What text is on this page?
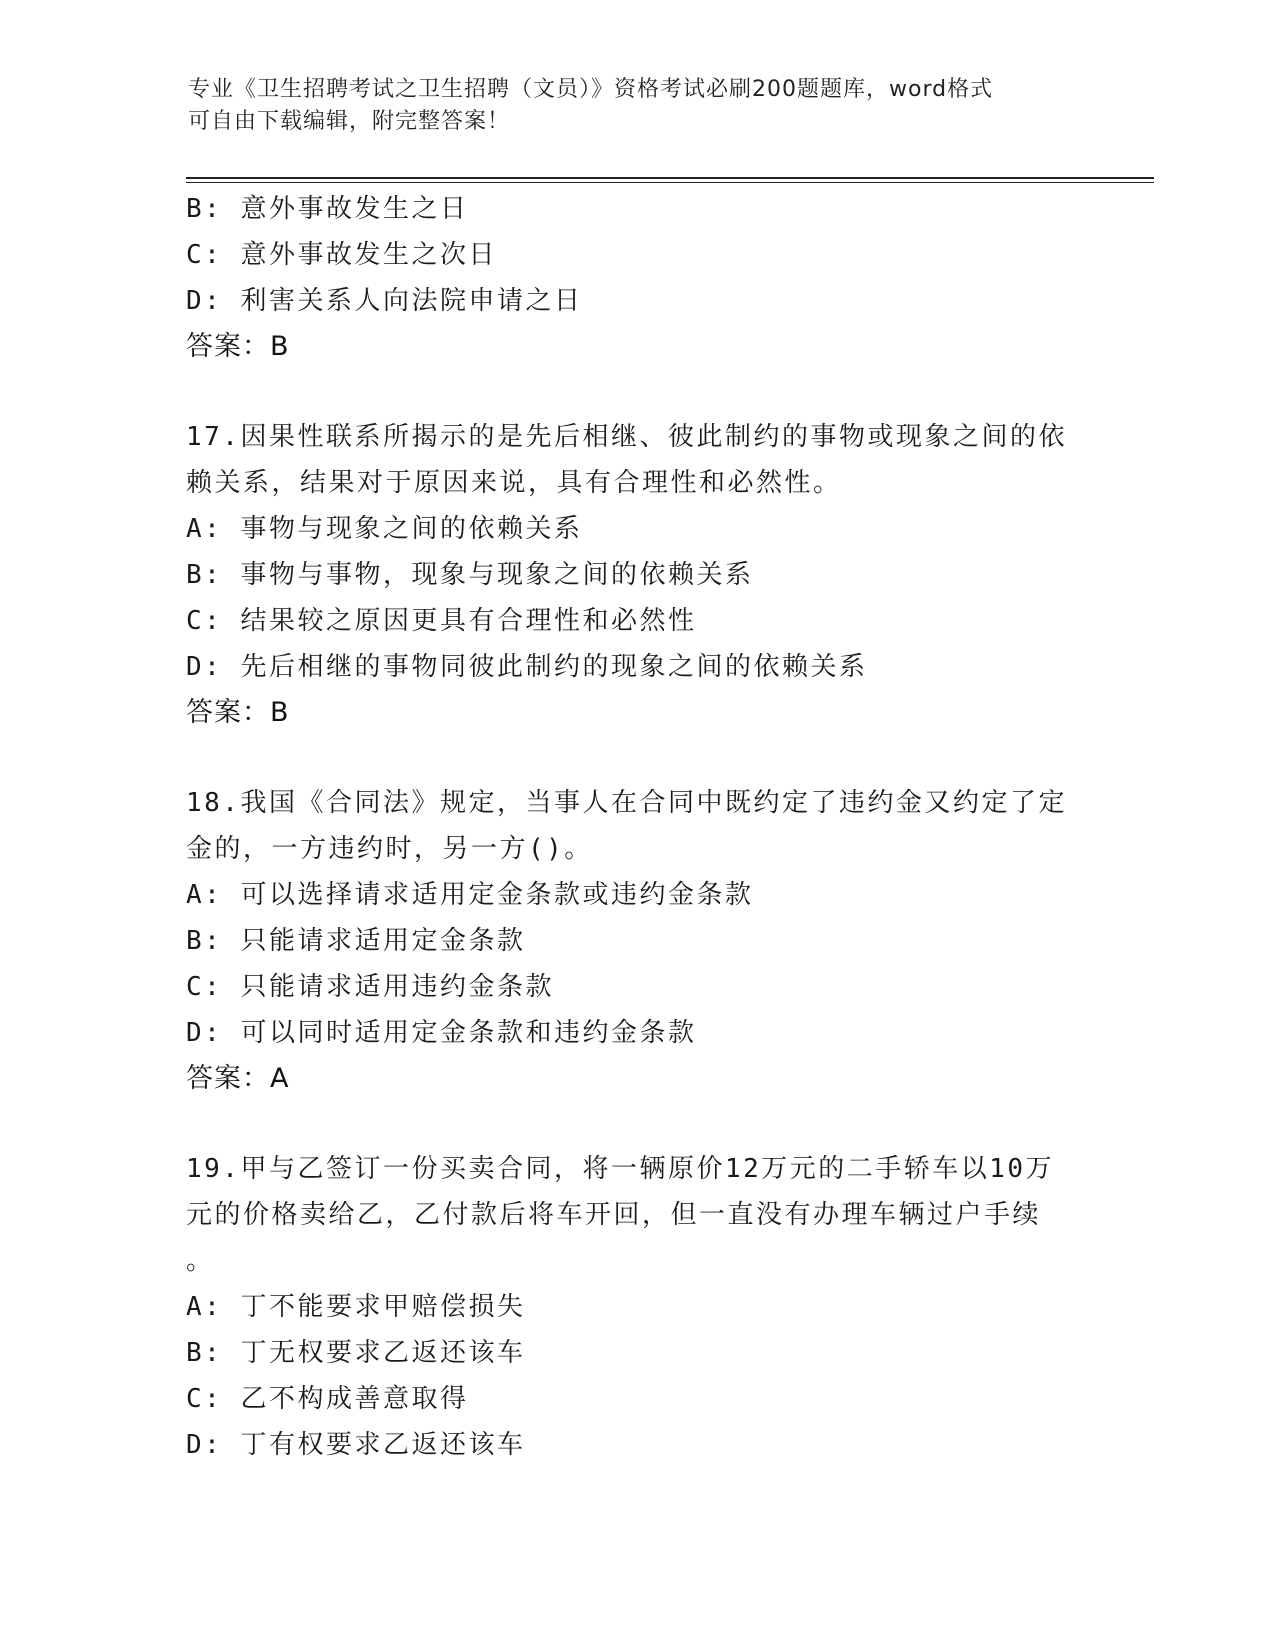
专业《卫生招聘考试之卫生招聘（文员）》资格考试必刷200题题库，word格式
可自由下载编辑，附完整答案！
B: 意外事故发生之日
C: 意外事故发生之次日
D: 利害关系人向法院申请之日
答案：B
17.因果性联系所揭示的是先后相继、彼此制约的事物或现象之间的依
赖关系，结果对于原因来说，具有合理性和必然性。
A: 事物与现象之间的依赖关系
B: 事物与事物，现象与现象之间的依赖关系
C: 结果较之原因更具有合理性和必然性
D: 先后相继的事物同彼此制约的现象之间的依赖关系
答案：B
18.我国《合同法》规定，当事人在合同中既约定了违约金又约定了定
金的，一方违约时，另一方()。
A: 可以选择请求适用定金条款或违约金条款
B: 只能请求适用定金条款
C: 只能请求适用违约金条款
D: 可以同时适用定金条款和违约金条款
答案：A
19.甲与乙签订一份买卖合同，将一辆原价12万元的二手轿车以10万
元的价格卖给乙，乙付款后将车开回，但一直没有办理车辆过户手续
。
A: 丁不能要求甲赔偿损失
B: 丁无权要求乙返还该车
C: 乙不构成善意取得
D: 丁有权要求乙返还该车
